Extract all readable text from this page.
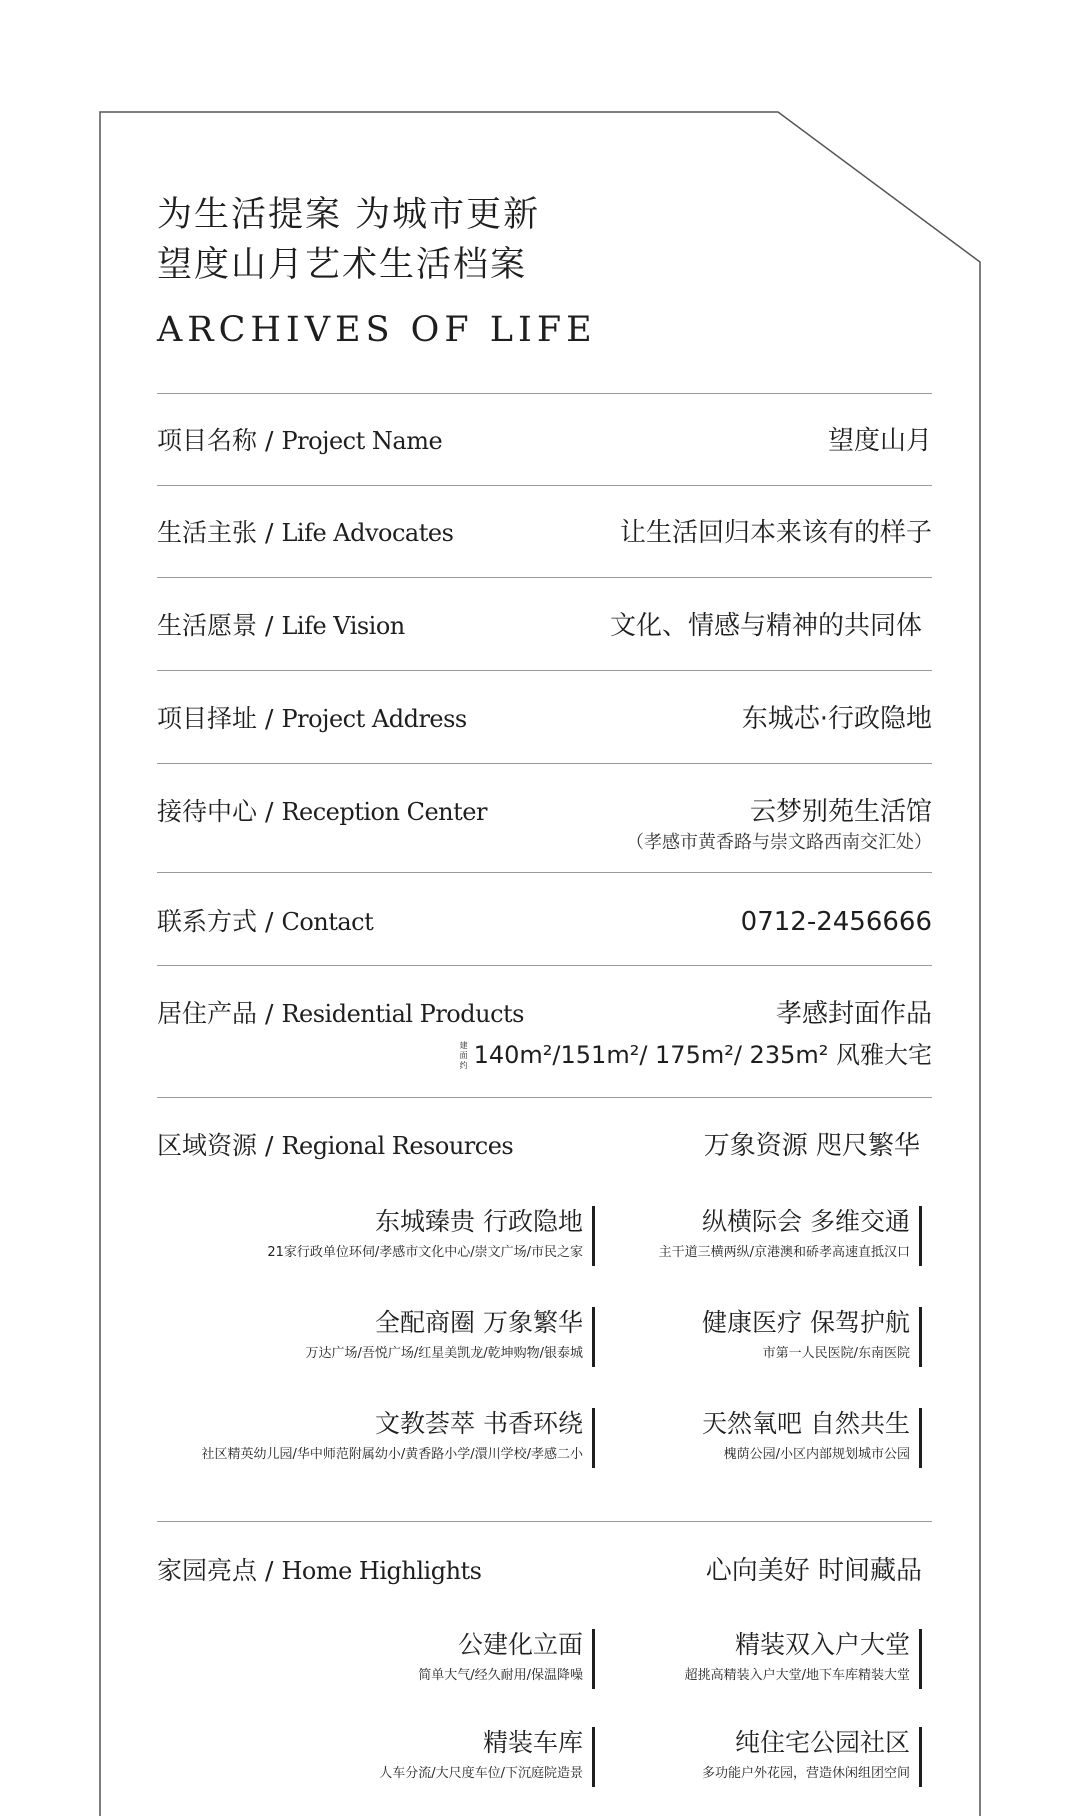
为生活提案 为城市更新
望度山月艺术生活档案
ARCHIVES OF LIFE
项目名称 / Project Name	望度山月
生活主张 / Life Advocates	让生活回归本来该有的样子
生活愿景 / Life Vision	文化、情感与精神的共同体
项目择址 / Project Address	东城芯·行政隐地
接待中心 / Reception Center	云梦别苑生活馆
（孝感市黄香路与崇文路西南交汇处）
联系方式 / Contact	0712-2456666
居住产品 / Residential Products	孝感封面作品
建面约 140m²/151m²/ 175m²/ 235m² 风雅大宅
区域资源 / Regional Resources	万象资源 咫尺繁华
东城臻贵 行政隐地
21家行政单位环伺/孝感市文化中心/崇文广场/市民之家
纵横际会 多维交通
主干道三横两纵/京港澳和硚孝高速直抵汉口
全配商圈 万象繁华
万达广场/吾悦广场/红星美凯龙/乾坤购物/银泰城
健康医疗 保驾护航
市第一人民医院/东南医院
文教荟萃 书香环绕
社区精英幼儿园/华中师范附属幼小/黄香路小学/澴川学校/孝感二小
天然氧吧 自然共生
槐荫公园/小区内部规划城市公园
家园亮点 / Home Highlights	心向美好 时间藏品
公建化立面
简单大气/经久耐用/保温降噪
精装双入户大堂
超挑高精装入户大堂/地下车库精装大堂
精装车库
人车分流/大尺度车位/下沉庭院造景
纯住宅公园社区
多功能户外花园，营造休闲组团空间
